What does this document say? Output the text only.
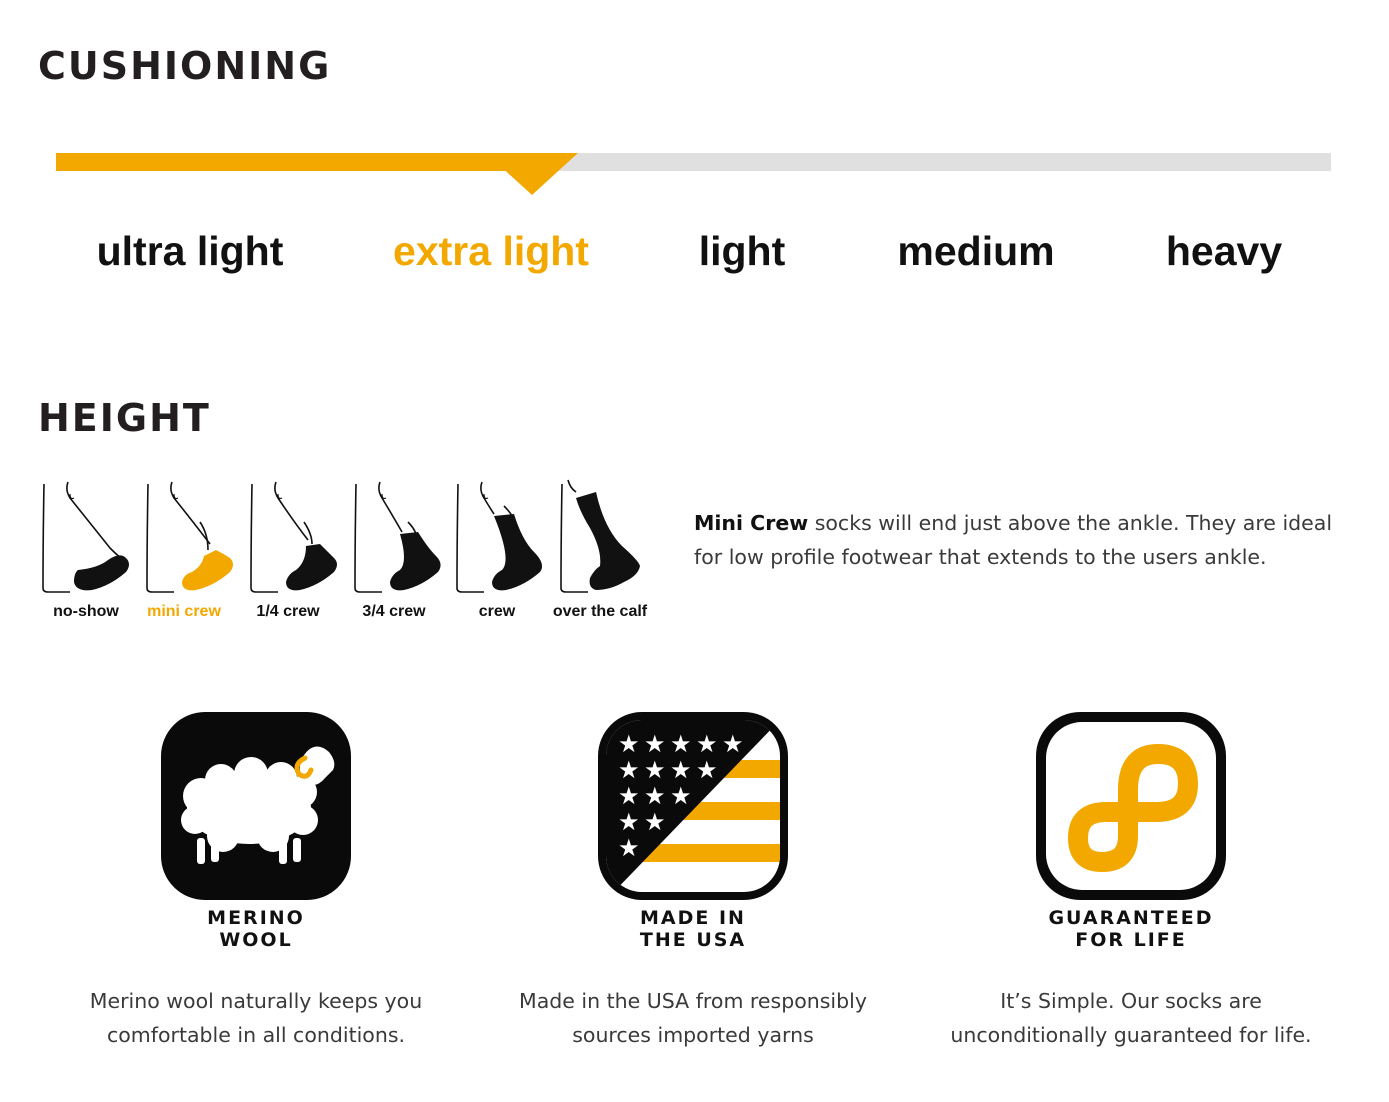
CUSHIONING

ultra light	extra light	light	medium	heavy

HEIGHT

no-show	mini crew	1/4 crew	3/4 crew	crew	over the calf

Mini Crew socks will end just above the ankle. They are ideal for low profile footwear that extends to the users ankle.

MERINO
WOOL

Merino wool naturally keeps you
comfortable in all conditions.

★ ★ ★ ★ ★
★ ★ ★ ★
★ ★ ★
★ ★
★

MADE IN
THE USA

Made in the USA from responsibly
sources imported yarns

GUARANTEED
FOR LIFE

It’s Simple. Our socks are
unconditionally guaranteed for life.
